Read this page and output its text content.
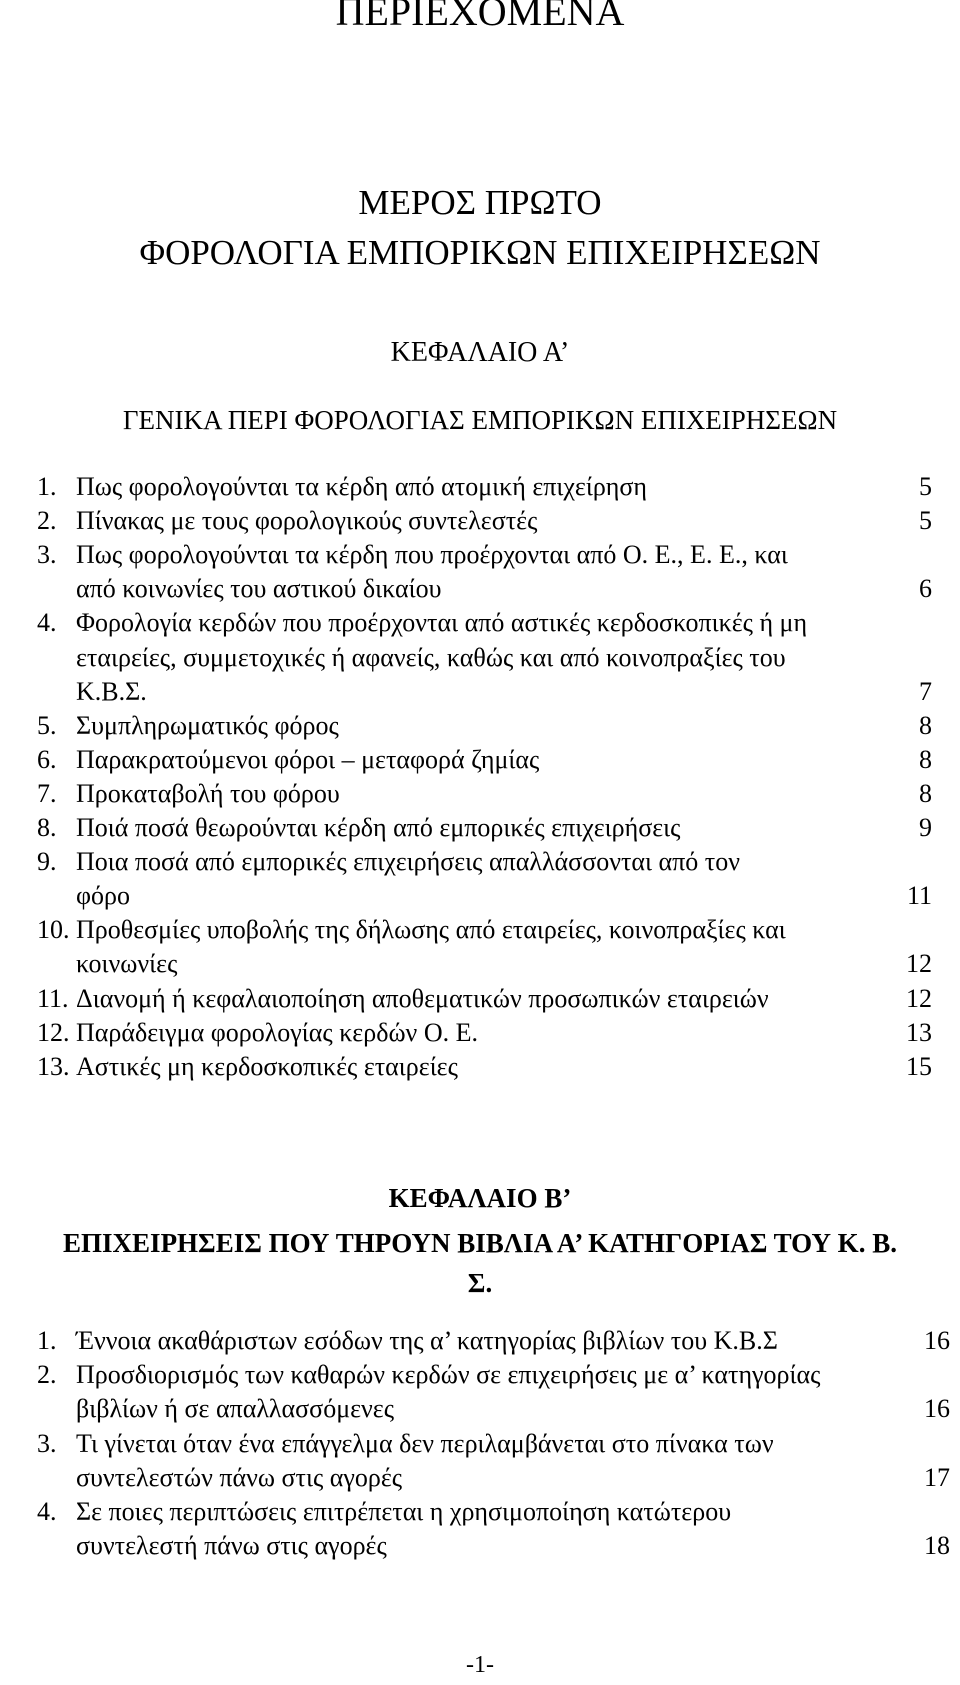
ΠΕΡΙΕΧΟΜΕΝΑ
ΜΕΡΟΣ ΠΡΩΤΟ
ΦΟΡΟΛΟΓΙΑ ΕΜΠΟΡΙΚΩΝ ΕΠΙΧΕΙΡΗΣΕΩΝ
ΚΕΦΑΛΑΙΟ Α’
ΓΕΝΙΚΑ ΠΕΡΙ ΦΟΡΟΛΟΓΙΑΣ ΕΜΠΟΡΙΚΩΝ ΕΠΙΧΕΙΡΗΣΕΩΝ
1. Πως φορολογούνται τα κέρδη από ατομική επιχείρηση	5
2. Πίνακας με τους φορολογικούς συντελεστές	5
3. Πως φορολογούνται τα κέρδη που προέρχονται από Ο. Ε., Ε. Ε., και
από κοινωνίες του αστικού δικαίου	6
4. Φορολογία κερδών που προέρχονται από αστικές κερδοσκοπικές ή μη
εταιρείες, συμμετοχικές ή αφανείς, καθώς και από κοινοπραξίες του
Κ.Β.Σ.	7
5. Συμπληρωματικός φόρος	8
6. Παρακρατούμενοι φόροι – μεταφορά ζημίας	8
7. Προκαταβολή του φόρου	8
8. Ποιά ποσά θεωρούνται κέρδη από εμπορικές επιχειρήσεις	9
9. Ποια ποσά από εμπορικές επιχειρήσεις απαλλάσσονται από τον
φόρο	11
10. Προθεσμίες υποβολής της δήλωσης από εταιρείες, κοινοπραξίες και
κοινωνίες	12
11. Διανομή ή κεφαλαιοποίηση αποθεματικών προσωπικών εταιρειών	12
12. Παράδειγμα φορολογίας κερδών Ο. Ε.	13
13. Αστικές μη κερδοσκοπικές εταιρείες	15
ΚΕΦΑΛΑΙΟ Β’
ΕΠΙΧΕΙΡΗΣΕΙΣ ΠΟΥ ΤΗΡΟΥΝ ΒΙΒΛΙΑ Α’ ΚΑΤΗΓΟΡΙΑΣ ΤΟΥ Κ. Β.
Σ.
1. Έννοια ακαθάριστων εσόδων της α’ κατηγορίας βιβλίων του Κ.Β.Σ	16
2. Προσδιορισμός των καθαρών κερδών σε επιχειρήσεις με α’ κατηγορίας
βιβλίων ή σε απαλλασσόμενες	16
3. Τι γίνεται όταν ένα επάγγελμα δεν περιλαμβάνεται στο πίνακα των
συντελεστών πάνω στις αγορές	17
4. Σε ποιες περιπτώσεις επιτρέπεται η χρησιμοποίηση κατώτερου
συντελεστή πάνω στις αγορές	18
-1-
